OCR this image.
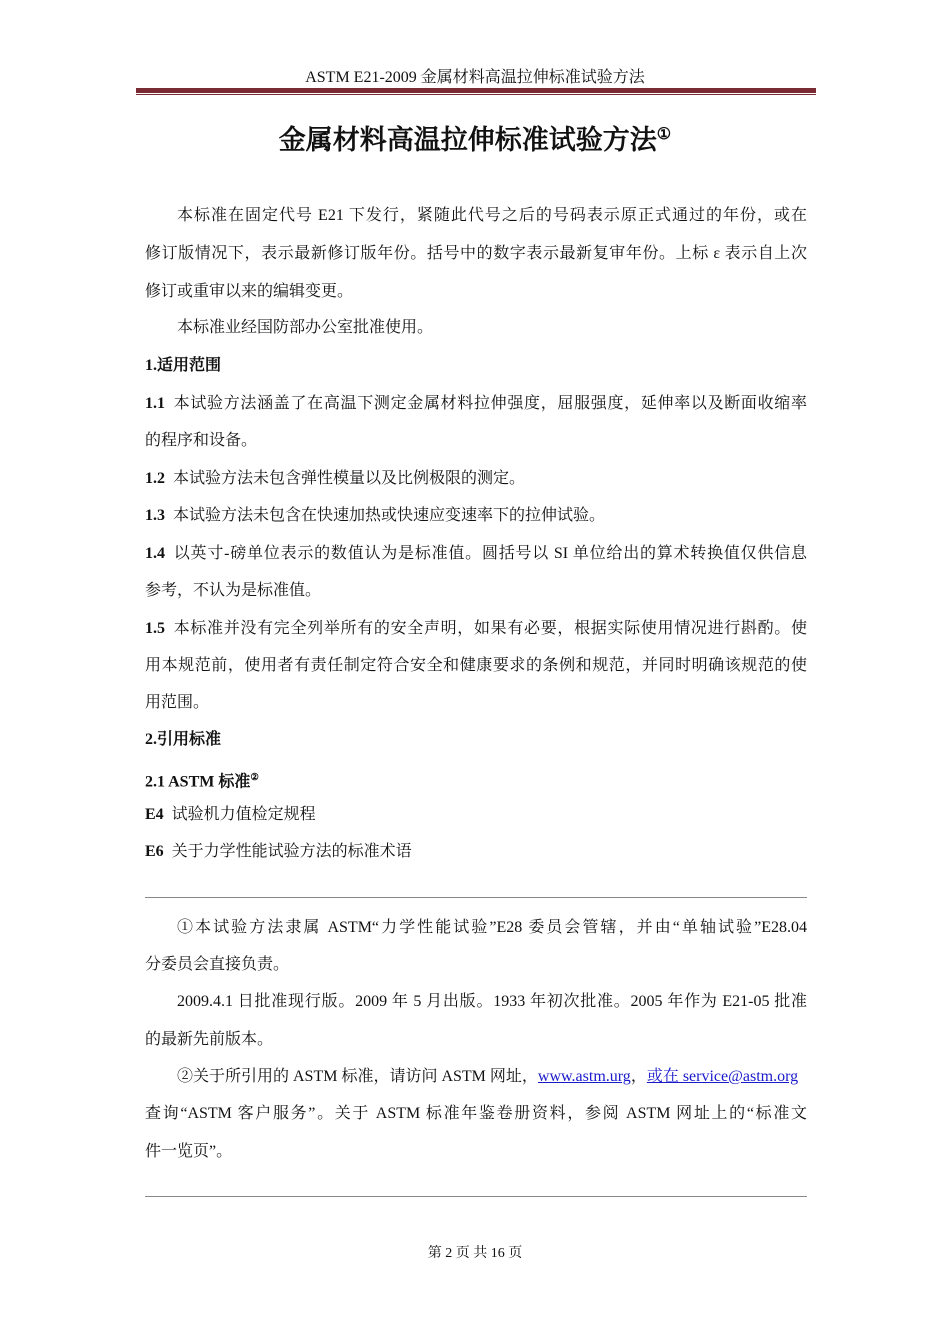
ASTM E21-2009 金属材料高温拉伸标准试验方法
金属材料高温拉伸标准试验方法①
本标准在固定代号 E21 下发行，紧随此代号之后的号码表示原正式通过的年份，或在
修订版情况下，表示最新修订版年份。括号中的数字表示最新复审年份。上标 ε 表示自上次
修订或重审以来的编辑变更。
本标准业经国防部办公室批准使用。
1.适用范围
1.1 本试验方法涵盖了在高温下测定金属材料拉伸强度，屈服强度，延伸率以及断面收缩率
的程序和设备。
1.2 本试验方法未包含弹性模量以及比例极限的测定。
1.3 本试验方法未包含在快速加热或快速应变速率下的拉伸试验。
1.4 以英寸-磅单位表示的数值认为是标准值。圆括号以 SI 单位给出的算术转换值仅供信息
参考，不认为是标准值。
1.5 本标准并没有完全列举所有的安全声明，如果有必要，根据实际使用情况进行斟酌。使
用本规范前，使用者有责任制定符合安全和健康要求的条例和规范，并同时明确该规范的使
用范围。
2.引用标准
2.1 ASTM 标准②
E4 试验机力值检定规程
E6 关于力学性能试验方法的标准术语
①本试验方法隶属 ASTM“力学性能试验”E28 委员会管辖，并由“单轴试验”E28.04
分委员会直接负责。
2009.4.1 日批准现行版。2009 年 5 月出版。1933 年初次批准。2005 年作为 E21-05 批准
的最新先前版本。
②关于所引用的 ASTM 标准，请访问 ASTM 网址，www.astm.urg，或在 service@astm.org
查询“ASTM 客户服务”。关于 ASTM 标准年鉴卷册资料，参阅 ASTM 网址上的“标准文
件一览页”。
第 2 页 共 16 页
